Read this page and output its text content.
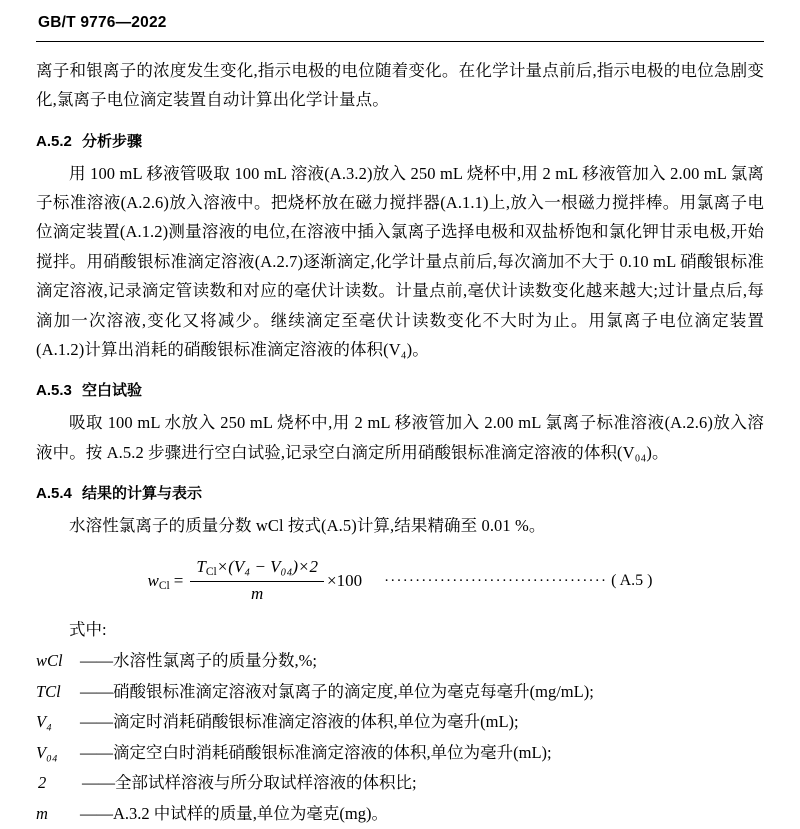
GB/T 9776—2022

离子和银离子的浓度发生变化,指示电极的电位随着变化。在化学计量点前后,指示电极的电位急剧变化,氯离子电位滴定装置自动计算出化学计量点。

A.5.2 分析步骤

用 100 mL 移液管吸取 100 mL 溶液(A.3.2)放入 250 mL 烧杯中,用 2 mL 移液管加入 2.00 mL 氯离子标准溶液(A.2.6)放入溶液中。把烧杯放在磁力搅拌器(A.1.1)上,放入一根磁力搅拌棒。用氯离子电位滴定装置(A.1.2)测量溶液的电位,在溶液中插入氯离子选择电极和双盐桥饱和氯化钾甘汞电极,开始搅拌。用硝酸银标准滴定溶液(A.2.7)逐渐滴定,化学计量点前后,每次滴加不大于 0.10 mL 硝酸银标准滴定溶液,记录滴定管读数和对应的毫伏计读数。计量点前,毫伏计读数变化越来越大;过计量点后,每滴加一次溶液,变化又将减少。继续滴定至毫伏计读数变化不大时为止。用氯离子电位滴定装置(A.1.2)计算出消耗的硝酸银标准滴定溶液的体积(V₄)。

A.5.3 空白试验

吸取 100 mL 水放入 250 mL 烧杯中,用 2 mL 移液管加入 2.00 mL 氯离子标准溶液(A.2.6)放入溶液中。按 A.5.2 步骤进行空白试验,记录空白滴定所用硝酸银标准滴定溶液的体积(V₀₄)。

A.5.4 结果的计算与表示

水溶性氯离子的质量分数 wCl 按式(A.5)计算,结果精确至 0.01 %。

$w_{Cl} = \frac{T_{Cl}\times(V_4 - V_{04})\times 2}{m} \times 100$ ···································· ( A.5 )

式中:

wCl	——水溶性氯离子的质量分数,%;
TCl	——硝酸银标准滴定溶液对氯离子的滴定度,单位为毫克每毫升(mg/mL);
V₄	——滴定时消耗硝酸银标准滴定溶液的体积,单位为毫升(mL);
V₀₄	——滴定空白时消耗硝酸银标准滴定溶液的体积,单位为毫升(mL);
2	——全部试样溶液与所分取试样溶液的体积比;
m	——A.3.2 中试样的质量,单位为毫克(mg)。
